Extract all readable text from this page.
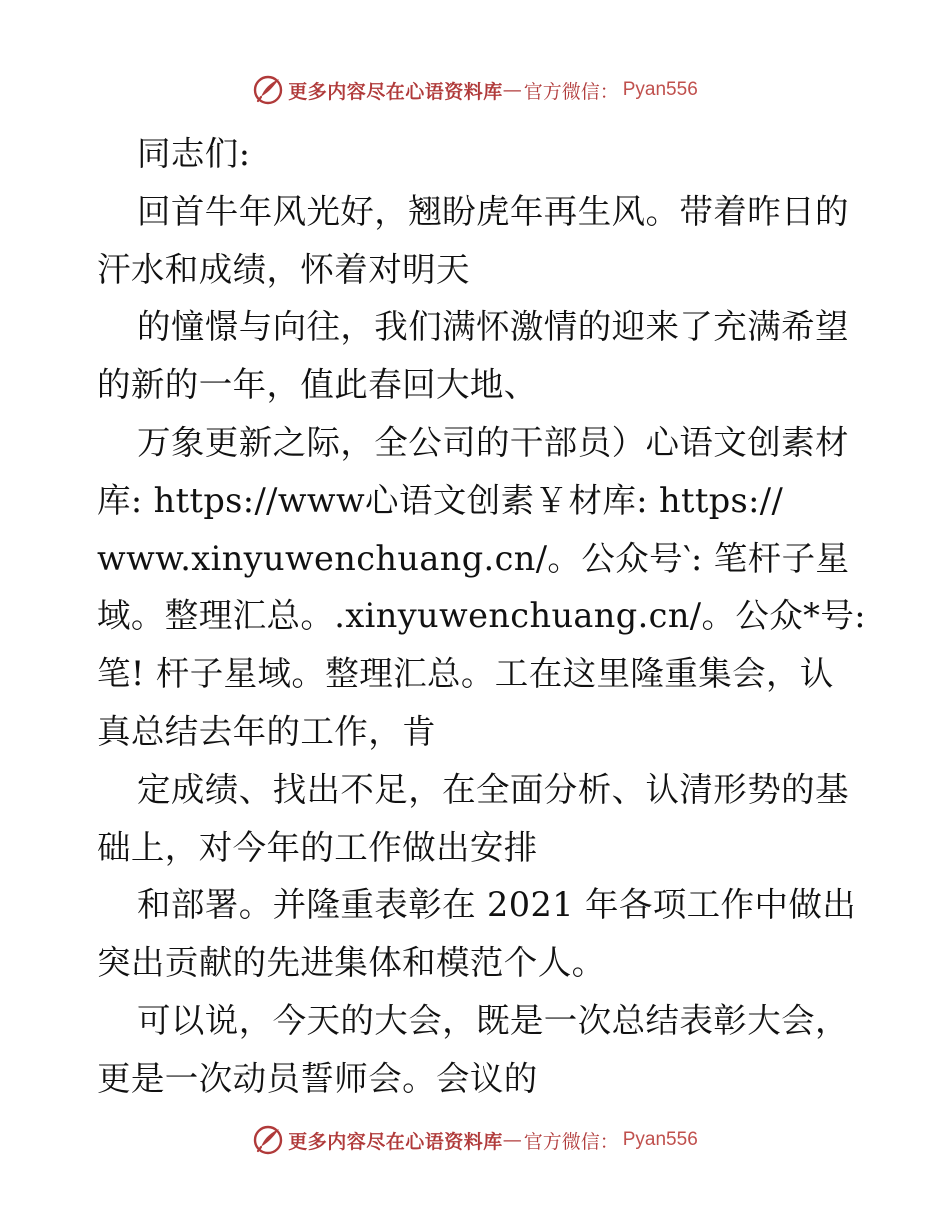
更多内容尽在心语资料库 — 官方微信： Pyan556
同志们:
回首牛年风光好，翘盼虎年再生风。带着昨日的
汗水和成绩，怀着对明天
的憧憬与向往，我们满怀激情的迎来了充满希望
的新的一年，值此春回大地、
万象更新之际，全公司的干部员）心语文创素材
库: https://www心语文创素￥材库: https://
www.xinyuwenchuang.cn/。公众号‵: 笔杆子星
域。整理汇总。.xinyuwenchuang.cn/。公众*号:
笔! 杆子星域。整理汇总。工在这里隆重集会，认
真总结去年的工作，肯
定成绩、找出不足，在全面分析、认清形势的基
础上，对今年的工作做出安排
和部署。并隆重表彰在 2021 年各项工作中做出
突出贡献的先进集体和模范个人。
可以说，今天的大会，既是一次总结表彰大会，
更是一次动员誓师会。会议的
更多内容尽在心语资料库 — 官方微信： Pyan556
